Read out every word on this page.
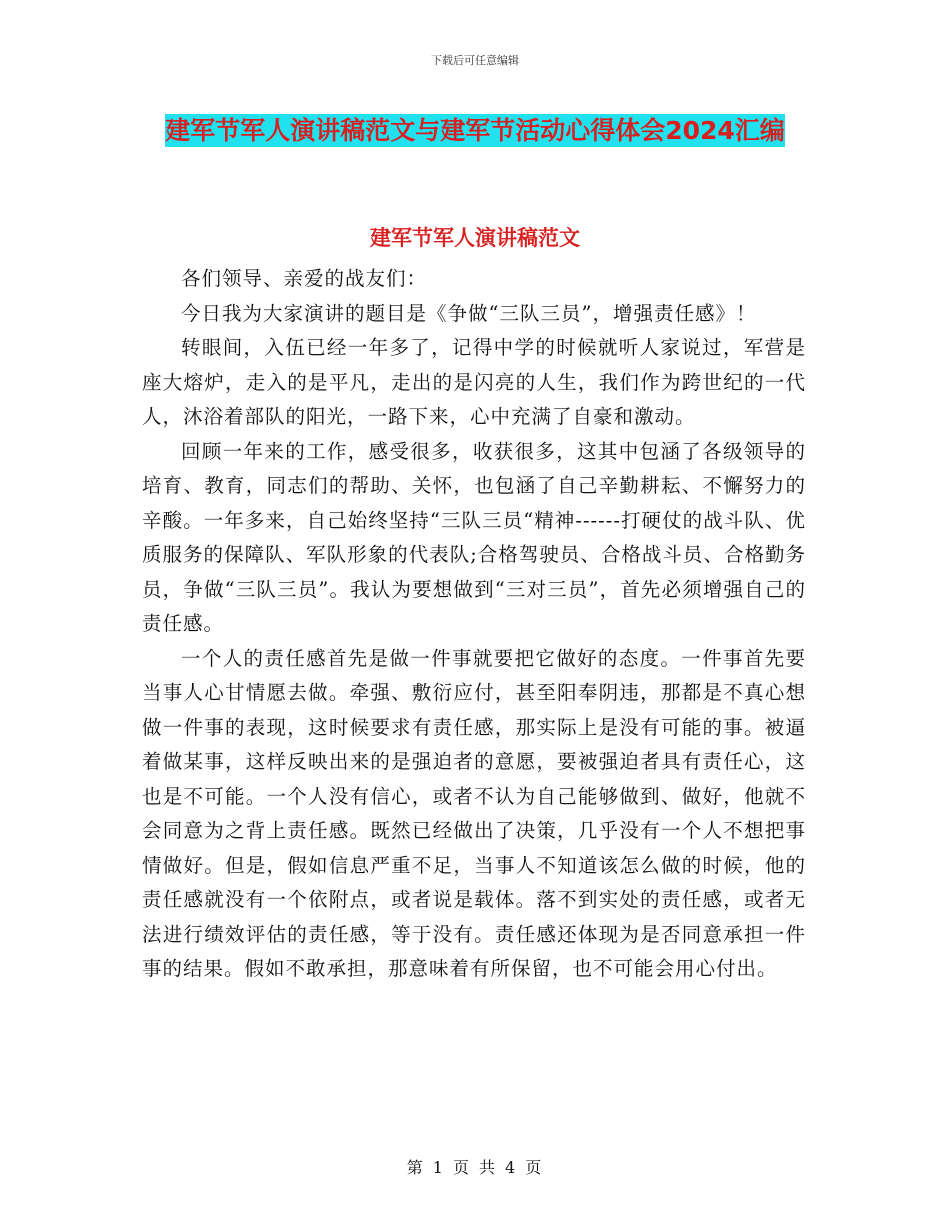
下载后可任意编辑
建军节军人演讲稿范文与建军节活动心得体会2024汇编
建军节军人演讲稿范文

各们领导、亲爱的战友们：

今日我为大家演讲的题目是《争做“三队三员”，增强责任感》！

转眼间，入伍已经一年多了，记得中学的时候就听人家说过，军营是座大熔炉，走入的是平凡，走出的是闪亮的人生，我们作为跨世纪的一代人，沐浴着部队的阳光，一路下来，心中充满了自豪和激动。

回顾一年来的工作，感受很多，收获很多，这其中包涵了各级领导的培育、教育，同志们的帮助、关怀，也包涵了自己辛勤耕耘、不懈努力的辛酸。一年多来，自己始终坚持“三队三员“精神------打硬仗的战斗队、优质服务的保障队、军队形象的代表队;合格驾驶员、合格战斗员、合格勤务员，争做“三队三员”。我认为要想做到“三对三员”，首先必须增强自己的责任感。

一个人的责任感首先是做一件事就要把它做好的态度。一件事首先要当事人心甘情愿去做。牵强、敷衍应付，甚至阳奉阴违，那都是不真心想做一件事的表现，这时候要求有责任感，那实际上是没有可能的事。被逼着做某事，这样反映出来的是强迫者的意愿，要被强迫者具有责任心，这也是不可能。一个人没有信心，或者不认为自己能够做到、做好，他就不会同意为之背上责任感。既然已经做出了决策，几乎没有一个人不想把事情做好。但是，假如信息严重不足，当事人不知道该怎么做的时候，他的责任感就没有一个依附点，或者说是载体。落不到实处的责任感，或者无法进行绩效评估的责任感，等于没有。责任感还体现为是否同意承担一件事的结果。假如不敢承担，那意味着有所保留，也不可能会用心付出。

第 1 页 共 4 页
